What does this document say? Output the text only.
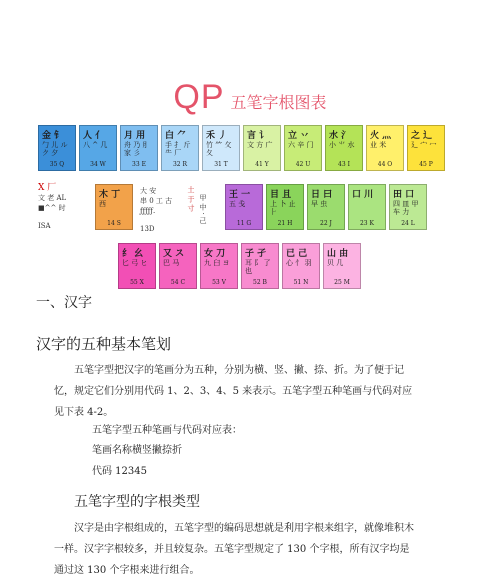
QP 五笔字根图表
金 钅
勹 儿 ルク 夕
35 Q
人 亻
八 ^ 几
34 W
月 用
舟 乃 ⺼ 家 彡
33 E
白 ⺈
手 扌 斤 ⺧ 厂
32 R
禾 丿
竹 ⺮ 攵 夂
31 T
言 讠
文 方 广
41 Y
立 丷
六 辛 门
42 U
水 氵
小 ⺌ 水
43 I
火 灬
业 米
44 O
之 辶
廴 宀 冖
45 P
木 丁
西
14 S
王 一
五 戋
11 G
目 且
上 卜 止 ⺊
21 H
日 曰
早 虫
22 J
口 川
23 K
田 口
四 皿 甲 车 力
24 L
纟 幺
匕 弓 ヒ
55 X
又 ス
巴 马
54 C
女 刀
九 臼 ヨ
53 V
子 孑
耳 阝 了 也
52 B
已 己
心 忄 羽
51 N
山 由
贝 几
25 M
X 厂
文 老 AL
■^^ 时
ISA
大 安
串 0 工 古
ƒƒƒƒƒ.
13D
土 于 寸 甲 中 · 己
一、汉字
汉字的五种基本笔划
五笔字型把汉字的笔画分为五种，分别为横、竖、撇、捺、折。为了便于记忆，规定它们分别用代码 1、2、3、4、5 来表示。五笔字型五种笔画与代码对应见下表 4-2。
五笔字型五种笔画与代码对应表：
笔画名称横竖撇捺折
代码 12345
五笔字型的字根类型
汉字是由字根组成的，五笔字型的编码思想就是利用字根来组字，就像堆积木一样。汉字字根较多，并且较复杂。五笔字型规定了 130 个字根，所有汉字均是通过这 130 个字根来进行组合。
